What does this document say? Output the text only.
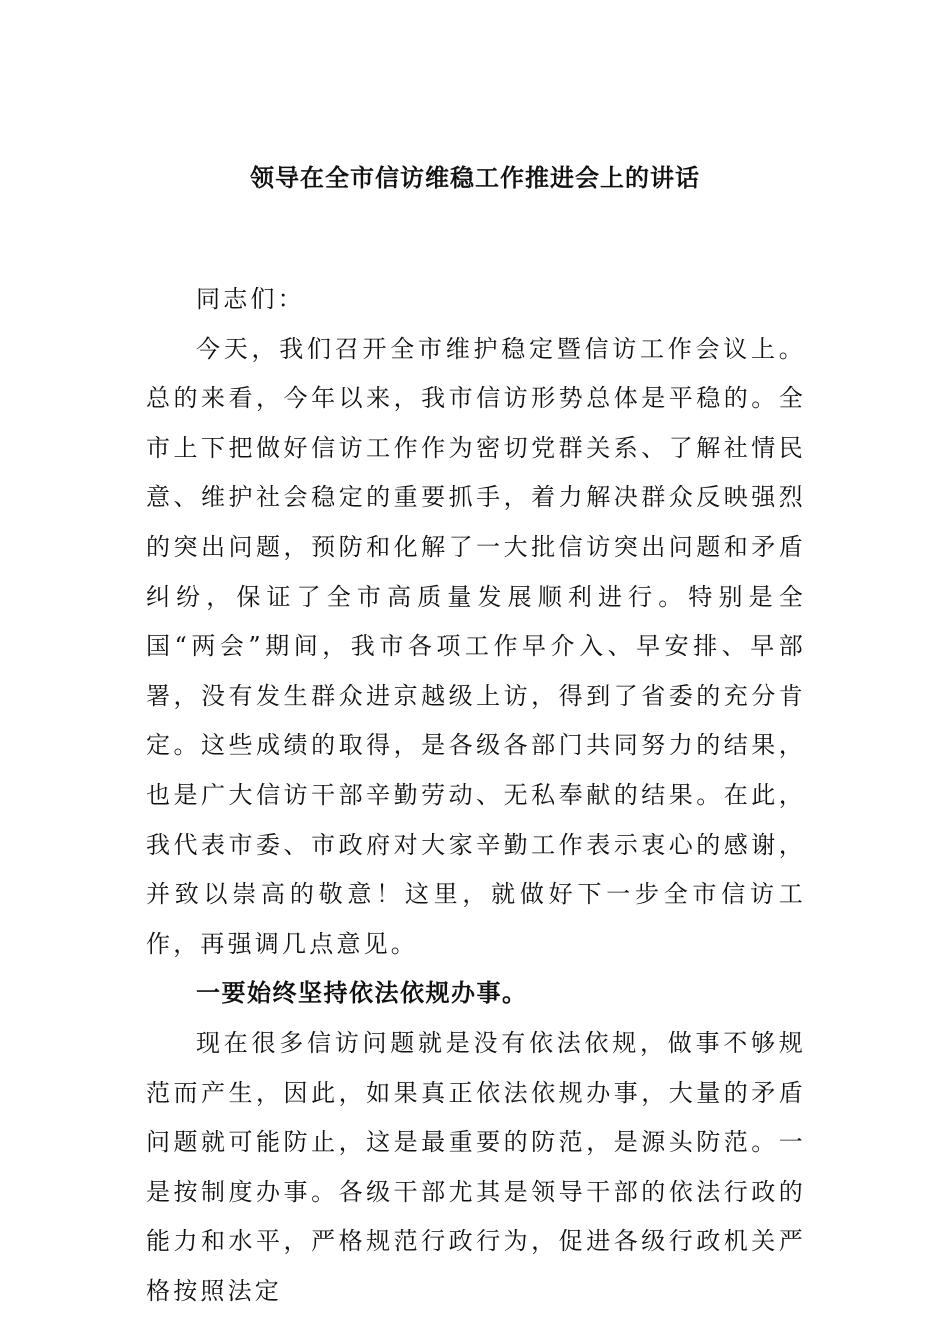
领导在全市信访维稳工作推进会上的讲话

同志们：

今天，我们召开全市维护稳定暨信访工作会议上。总的来看，今年以来，我市信访形势总体是平稳的。全市上下把做好信访工作作为密切党群关系、了解社情民意、维护社会稳定的重要抓手，着力解决群众反映强烈的突出问题，预防和化解了一大批信访突出问题和矛盾纠纷，保证了全市高质量发展顺利进行。特别是全国“两会”期间，我市各项工作早介入、早安排、早部署，没有发生群众进京越级上访，得到了省委的充分肯定。这些成绩的取得，是各级各部门共同努力的结果，也是广大信访干部辛勤劳动、无私奉献的结果。在此，我代表市委、市政府对大家辛勤工作表示衷心的感谢，并致以崇高的敬意！这里，就做好下一步全市信访工作，再强调几点意见。

一要始终坚持依法依规办事。

现在很多信访问题就是没有依法依规，做事不够规范而产生，因此，如果真正依法依规办事，大量的矛盾问题就可能防止，这是最重要的防范，是源头防范。一是按制度办事。各级干部尤其是领导干部的依法行政的能力和水平，严格规范行政行为，促进各级行政机关严格按照法定
